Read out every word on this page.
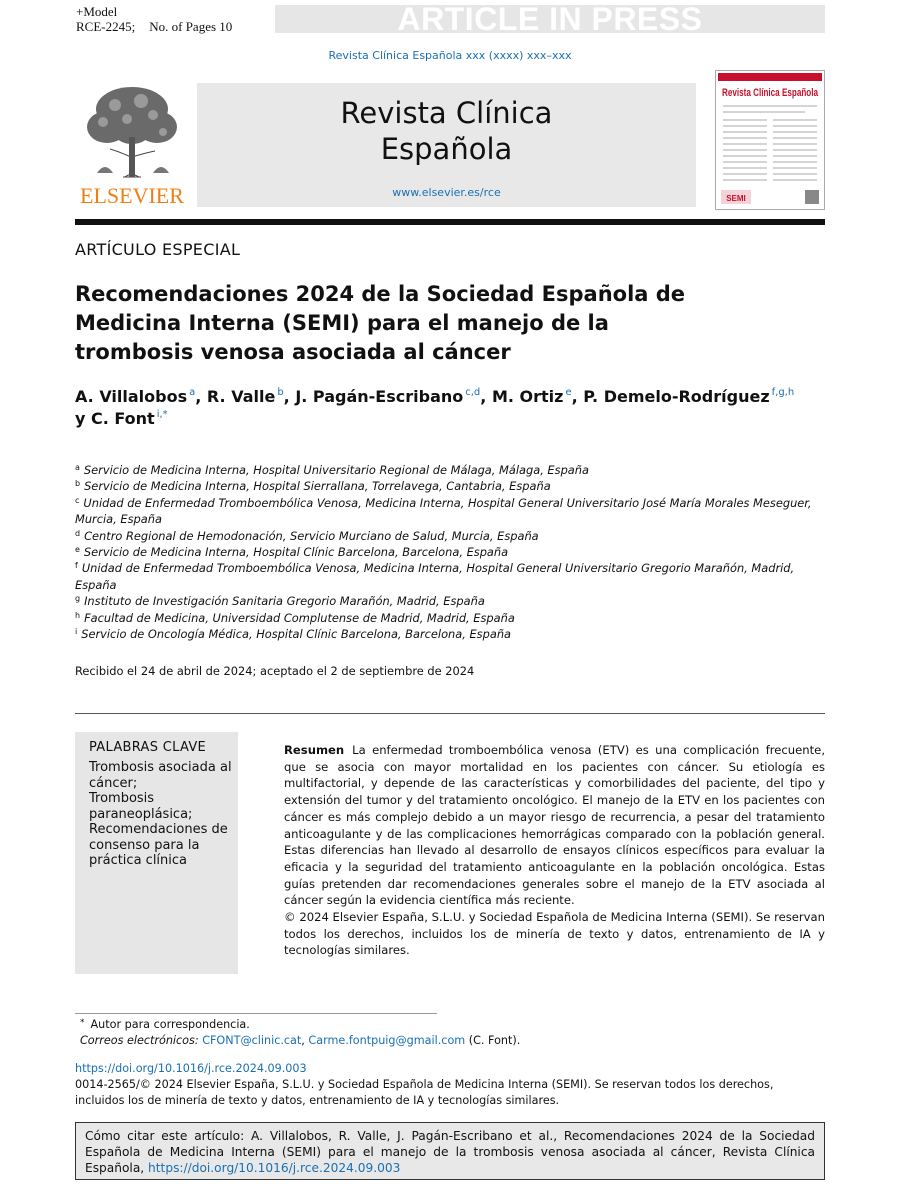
+Model
RCE-2245; No. of Pages 10	ARTICLE IN PRESS
Revista Clínica Española xxx (xxxx) xxx–xxx
ELSEVIER
Revista Clínica
Española
www.elsevier.es/rce
Revista Clínica Española
SEMI
ARTÍCULO ESPECIAL
Recomendaciones 2024 de la Sociedad Española de Medicina Interna (SEMI) para el manejo de la trombosis venosa asociada al cáncer
A. Villalobos $^a$, R. Valle $^b$, J. Pagán-Escribano $^{c,d}$, M. Ortiz $^e$, P. Demelo-Rodríguez $^{f,g,h}$
y C. Font $^{i,*}$
$^a$ Servicio de Medicina Interna, Hospital Universitario Regional de Málaga, Málaga, España
$^b$ Servicio de Medicina Interna, Hospital Sierrallana, Torrelavega, Cantabria, España
$^c$ Unidad de Enfermedad Tromboembólica Venosa, Medicina Interna, Hospital General Universitario José María Morales Meseguer, Murcia, España
$^d$ Centro Regional de Hemodonación, Servicio Murciano de Salud, Murcia, España
$^e$ Servicio de Medicina Interna, Hospital Clínic Barcelona, Barcelona, España
$^f$ Unidad de Enfermedad Tromboembólica Venosa, Medicina Interna, Hospital General Universitario Gregorio Marañón, Madrid, España
$^g$ Instituto de Investigación Sanitaria Gregorio Marañón, Madrid, España
$^h$ Facultad de Medicina, Universidad Complutense de Madrid, Madrid, España
$^i$ Servicio de Oncología Médica, Hospital Clínic Barcelona, Barcelona, España
Recibido el 24 de abril de 2024; aceptado el 2 de septiembre de 2024
PALABRAS CLAVE
Trombosis asociada al cáncer;
Trombosis paraneoplásica;
Recomendaciones de consenso para la práctica clínica
Resumen La enfermedad tromboembólica venosa (ETV) es una complicación frecuente, que se asocia con mayor mortalidad en los pacientes con cáncer. Su etiología es multifactorial, y depende de las características y comorbilidades del paciente, del tipo y extensión del tumor y del tratamiento oncológico. El manejo de la ETV en los pacientes con cáncer es más complejo debido a un mayor riesgo de recurrencia, a pesar del tratamiento anticoagulante y de las complicaciones hemorrágicas comparado con la población general. Estas diferencias han llevado al desarrollo de ensayos clínicos específicos para evaluar la eficacia y la seguridad del tratamiento anticoagulante en la población oncológica. Estas guías pretenden dar recomendaciones generales sobre el manejo de la ETV asociada al cáncer según la evidencia científica más reciente.
© 2024 Elsevier España, S.L.U. y Sociedad Española de Medicina Interna (SEMI). Se reservan todos los derechos, incluidos los de minería de texto y datos, entrenamiento de IA y tecnologías similares.
* Autor para correspondencia.
Correos electrónicos: CFONT@clinic.cat, Carme.fontpuig@gmail.com (C. Font).
https://doi.org/10.1016/j.rce.2024.09.003
0014-2565/© 2024 Elsevier España, S.L.U. y Sociedad Española de Medicina Interna (SEMI). Se reservan todos los derechos, incluidos los de minería de texto y datos, entrenamiento de IA y tecnologías similares.
Cómo citar este artículo: A. Villalobos, R. Valle, J. Pagán-Escribano et al., Recomendaciones 2024 de la Sociedad Española de Medicina Interna (SEMI) para el manejo de la trombosis venosa asociada al cáncer, Revista Clínica Española, https://doi.org/10.1016/j.rce.2024.09.003
